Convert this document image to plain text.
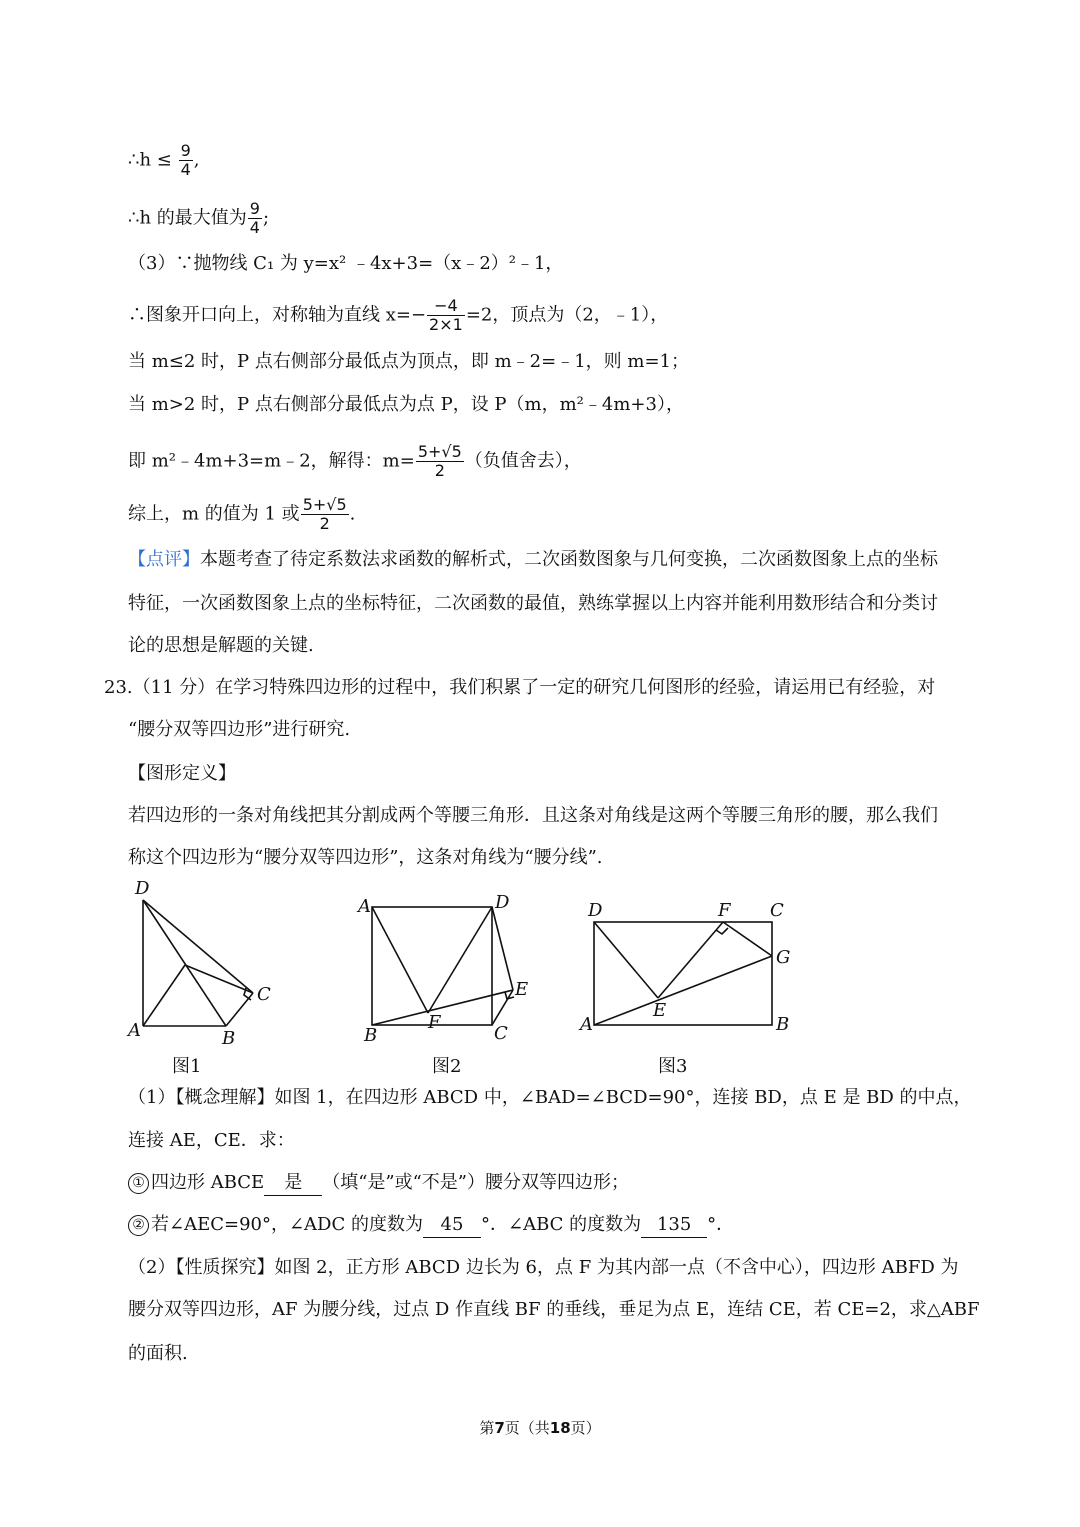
∴h ≤ $\frac{9}{4}$ ,
∴h 的最大值为 $\frac{9}{4}$ ;
（3）∵抛物线 C₁ 为 y=x² ﹣4x+3=（x﹣2）²﹣1，
∴图象开口向上，对称轴为直线 $x=- \frac{-4}{2\times 1} =2$，顶点为（2，﹣1），
当 m≤2 时，P 点右侧部分最低点为顶点，即 m﹣2=﹣1，则 m=1；
当 m>2 时，P 点右侧部分最低点为点 P，设 P（m，m²﹣4m+3），
即 m²﹣4m+3=m﹣2，解得：$m= \frac{5+√5}{2}$ （负值舍去），
综上，m 的值为 1 或 $\frac{5+√5}{2}$ .
【点评】本题考查了待定系数法求函数的解析式，二次函数图象与几何变换，二次函数图象上点的坐标
特征，一次函数图象上点的坐标特征，二次函数的最值，熟练掌握以上内容并能利用数形结合和分类讨
论的思想是解题的关键.
23.（11 分）在学习特殊四边形的过程中，我们积累了一定的研究几何图形的经验，请运用已有经验，对
“腰分双等四边形”进行研究.
【图形定义】
若四边形的一条对角线把其分割成两个等腰三角形．且这条对角线是这两个等腰三角形的腰，那么我们
称这个四边形为“腰分双等四边形”，这条对角线为“腰分线”.
D
C
A	B
A	D
E
F
B	C
D	F C
G
E
A	B
图1	图2	图3
（1）【概念理解】如图 1，在四边形 ABCD 中，∠BAD=∠BCD=90°，连接 BD，点 E 是 BD 的中点，
连接 AE，CE．求：
① 四边形 ABCE 是 （填“是”或“不是”）腰分双等四边形；
② 若∠AEC=90°，∠ADC 的度数为 45 °．∠ABC 的度数为 135 °．
（2）【性质探究】如图 2，正方形 ABCD 边长为 6，点 F 为其内部一点（不含中心），四边形 ABFD 为
腰分双等四边形，AF 为腰分线，过点 D 作直线 BF 的垂线，垂足为点 E，连结 CE，若 CE=2，求△ABF
的面积.
第7页（共18页）
